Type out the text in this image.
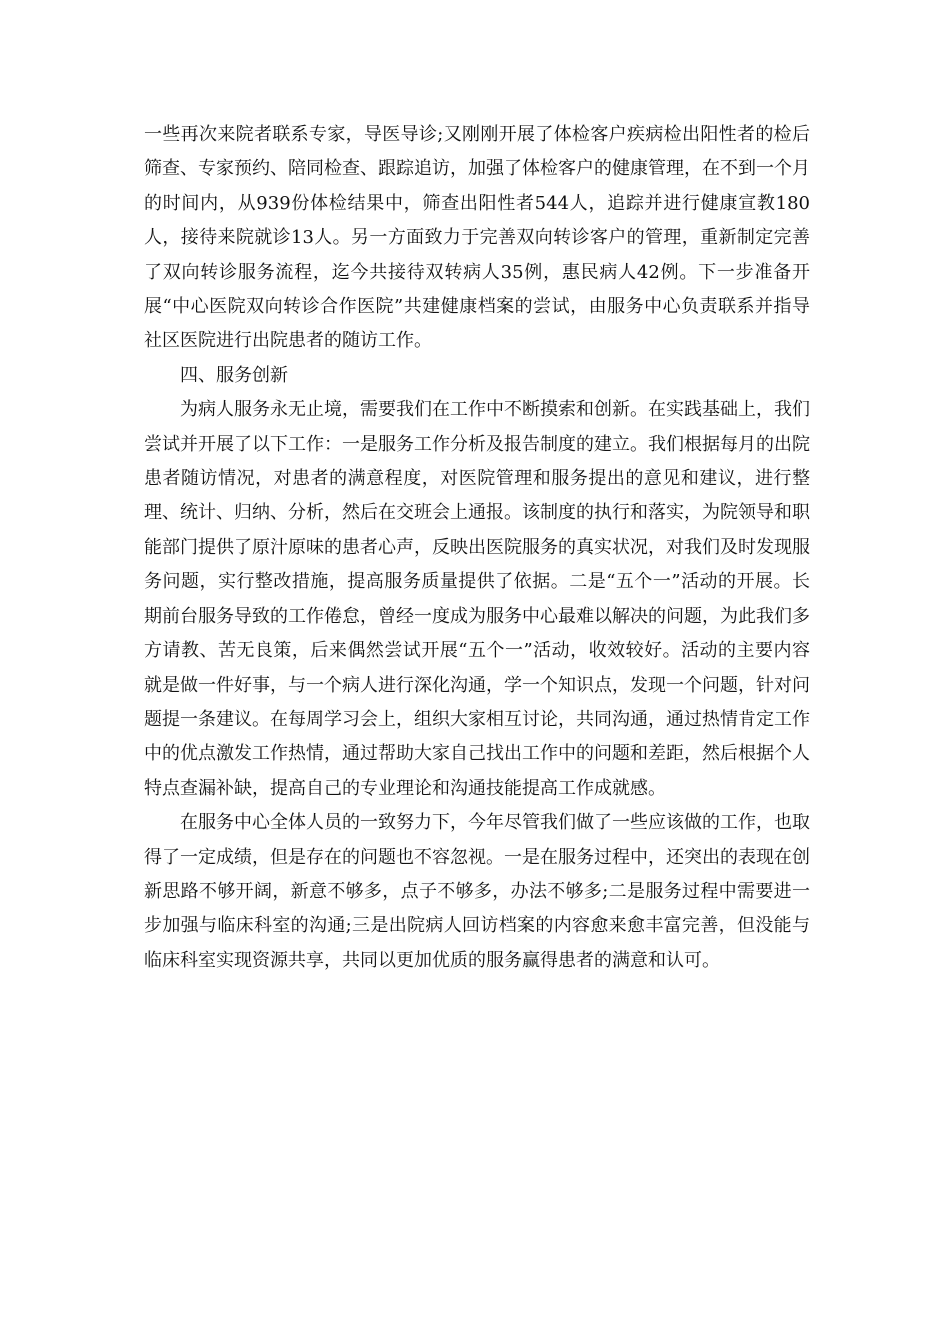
一些再次来院者联系专家，导医导诊;又刚刚开展了体检客户疾病检出阳性者的检后筛查、专家预约、陪同检查、跟踪追访，加强了体检客户的健康管理，在不到一个月的时间内，从939份体检结果中，筛查出阳性者544人，追踪并进行健康宣教180人，接待来院就诊13人。另一方面致力于完善双向转诊客户的管理，重新制定完善了双向转诊服务流程，迄今共接待双转病人35例，惠民病人42例。下一步准备开展“中心医院双向转诊合作医院”共建健康档案的尝试，由服务中心负责联系并指导社区医院进行出院患者的随访工作。

四、服务创新

为病人服务永无止境，需要我们在工作中不断摸索和创新。在实践基础上，我们尝试并开展了以下工作：一是服务工作分析及报告制度的建立。我们根据每月的出院患者随访情况，对患者的满意程度，对医院管理和服务提出的意见和建议，进行整理、统计、归纳、分析，然后在交班会上通报。该制度的执行和落实，为院领导和职能部门提供了原汁原味的患者心声，反映出医院服务的真实状况，对我们及时发现服务问题，实行整改措施，提高服务质量提供了依据。二是“五个一”活动的开展。长期前台服务导致的工作倦怠，曾经一度成为服务中心最难以解决的问题，为此我们多方请教、苦无良策，后来偶然尝试开展“五个一”活动，收效较好。活动的主要内容就是做一件好事，与一个病人进行深化沟通，学一个知识点，发现一个问题，针对问题提一条建议。在每周学习会上，组织大家相互讨论，共同沟通，通过热情肯定工作中的优点激发工作热情，通过帮助大家自己找出工作中的问题和差距，然后根据个人特点查漏补缺，提高自己的专业理论和沟通技能提高工作成就感。

在服务中心全体人员的一致努力下，今年尽管我们做了一些应该做的工作，也取得了一定成绩，但是存在的问题也不容忽视。一是在服务过程中，还突出的表现在创新思路不够开阔，新意不够多，点子不够多，办法不够多;二是服务过程中需要进一步加强与临床科室的沟通;三是出院病人回访档案的内容愈来愈丰富完善，但没能与临床科室实现资源共享，共同以更加优质的服务赢得患者的满意和认可。
